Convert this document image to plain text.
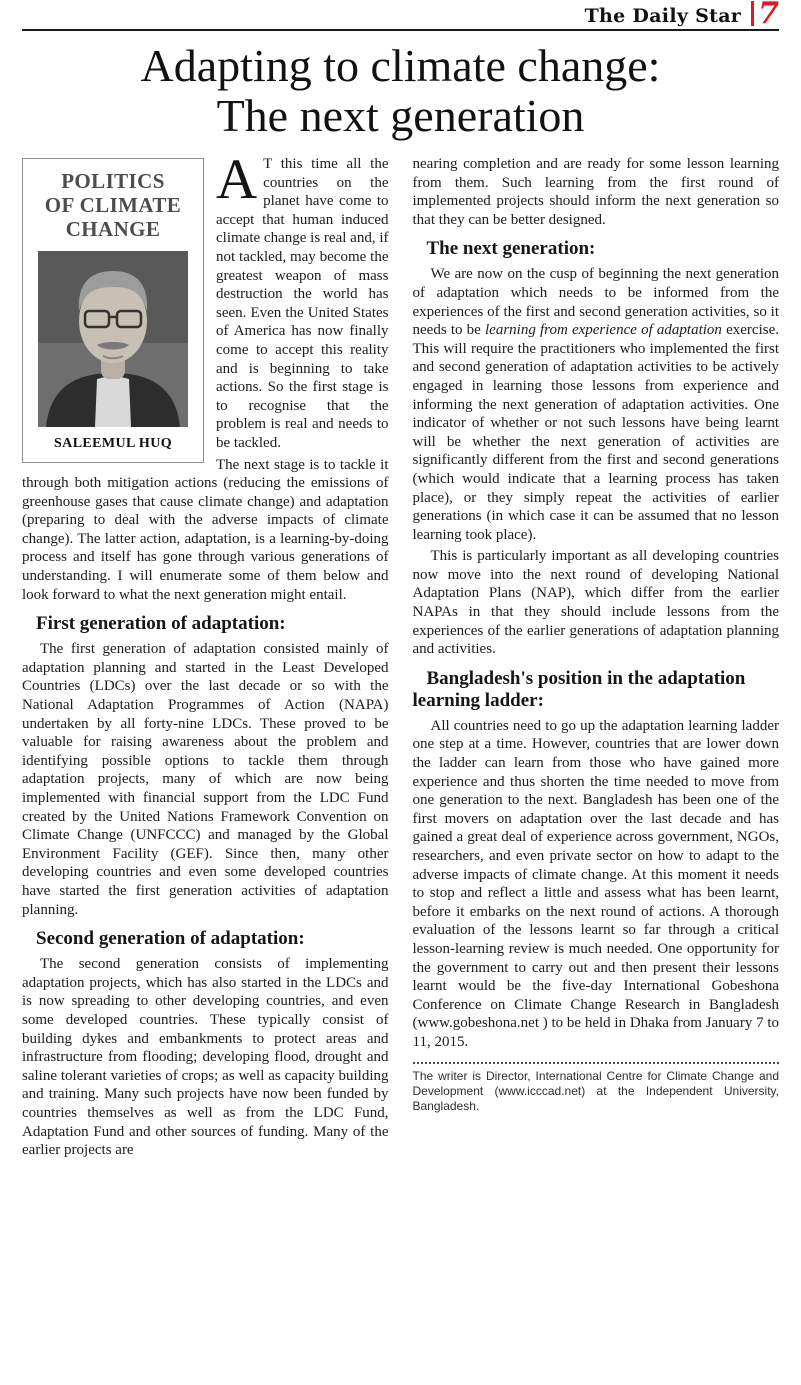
The Daily Star 7
Adapting to climate change:
The next generation
POLITICS
OF CLIMATE
CHANGE
SALEEMUL HUQ

A T this time all the countries on the planet have come to accept that human induced climate change is real and, if not tackled, may become the greatest weapon of mass destruction the world has seen. Even the United States of America has now finally come to accept this reality and is beginning to take actions. So the first stage is to recognise that the problem is real and needs to be tackled.

The next stage is to tackle it through both mitigation actions (reducing the emissions of greenhouse gases that cause climate change) and adaptation (preparing to deal with the adverse impacts of climate change). The latter action, adaptation, is a learning-by-doing process and itself has gone through various generations of understanding. I will enumerate some of them below and look forward to what the next generation might entail.

First generation of adaptation:

The first generation of adaptation consisted mainly of adaptation planning and started in the Least Developed Countries (LDCs) over the last decade or so with the National Adaptation Programmes of Action (NAPA) undertaken by all forty-nine LDCs. These proved to be valuable for raising awareness about the problem and identifying possible options to tackle them through adaptation projects, many of which are now being implemented with financial support from the LDC Fund created by the United Nations Framework Convention on Climate Change (UNFCCC) and managed by the Global Environment Facility (GEF). Since then, many other developing countries and even some developed countries have started the first generation activities of adaptation planning.

Second generation of adaptation:

The second generation consists of implementing adaptation projects, which has also started in the LDCs and is now spreading to other developing countries, and even some developed countries. These typically consist of building dykes and embankments to protect areas and infrastructure from flooding; developing flood, drought and saline tolerant varieties of crops; as well as capacity building and training. Many such projects have now been funded by countries themselves as well as from the LDC Fund, Adaptation Fund and other sources of funding. Many of the earlier projects are

nearing completion and are ready for some lesson learning from them. Such learning from the first round of implemented projects should inform the next generation so that they can be better designed.

The next generation:

We are now on the cusp of beginning the next generation of adaptation which needs to be informed from the experiences of the first and second generation activities, so it needs to be learning from experience of adaptation exercise. This will require the practitioners who implemented the first and second generation of adaptation activities to be actively engaged in learning those lessons from experience and informing the next generation of adaptation activities. One indicator of whether or not such lessons have being learnt will be whether the next generation of activities are significantly different from the first and second generations (which would indicate that a learning process has taken place), or they simply repeat the activities of earlier generations (in which case it can be assumed that no lesson learning took place).

This is particularly important as all developing countries now move into the next round of developing National Adaptation Plans (NAP), which differ from the earlier NAPAs in that they should include lessons from the experiences of the earlier generations of adaptation planning and activities.

Bangladesh's position in the adaptation learning ladder:

All countries need to go up the adaptation learning ladder one step at a time. However, countries that are lower down the ladder can learn from those who have gained more experience and thus shorten the time needed to move from one generation to the next. Bangladesh has been one of the first movers on adaptation over the last decade and has gained a great deal of experience across government, NGOs, researchers, and even private sector on how to adapt to the adverse impacts of climate change. At this moment it needs to stop and reflect a little and assess what has been learnt, before it embarks on the next round of actions. A thorough evaluation of the lessons learnt so far through a critical lesson-learning review is much needed. One opportunity for the government to carry out and then present their lessons learnt would be the five-day International Gobeshona Conference on Climate Change Research in Bangladesh (www.gobeshona.net ) to be held in Dhaka from January 7 to 11, 2015.

The writer is Director, International Centre for Climate Change and Development (www.icccad.net) at the Independent University, Bangladesh.
